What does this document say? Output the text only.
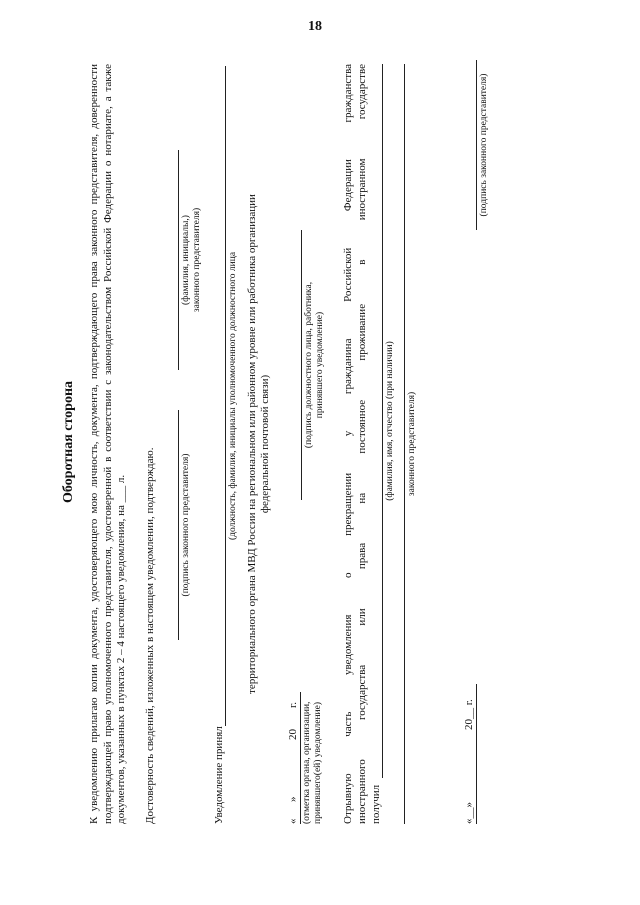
18
Оборотная сторона К уведомлению прилагаю копии документа, удостоверяющего мою личность, документа, подтверждающего права законного представителя, доверенности подтверждающей право уполномоченного представителя, удостоверенной в соответствии с законодательством Российской Федерации о нотариате, а также документов, указанных в пунктах 2 – 4 настоящего уведомления, на ___ л. Достоверность сведений, изложенных в настоящем уведомлении, подтверждаю.	(подпись законного представителя)
(фамилия, инициалы,) законного представителя)
Уведомление принял
(должность, фамилия, инициалы уполномоченного должностного лица территориального органа МВД России на региональном или районном уровне или работника организации федеральной почтовой связи)
«
»
20
г. (отметка органа, организации, принявшего(ей) уведомление)
(подпись должностного лица, работника, принявшего уведомление) Отрывную часть уведомления о прекращении у гражданина Российской Федерации гражданства иностранного государства или права на постоянное проживание в иностранном государстве получил
(фамилия, имя, отчество (при наличии) законного представителя)
«__»
20__ г.
(подпись законного представителя)
